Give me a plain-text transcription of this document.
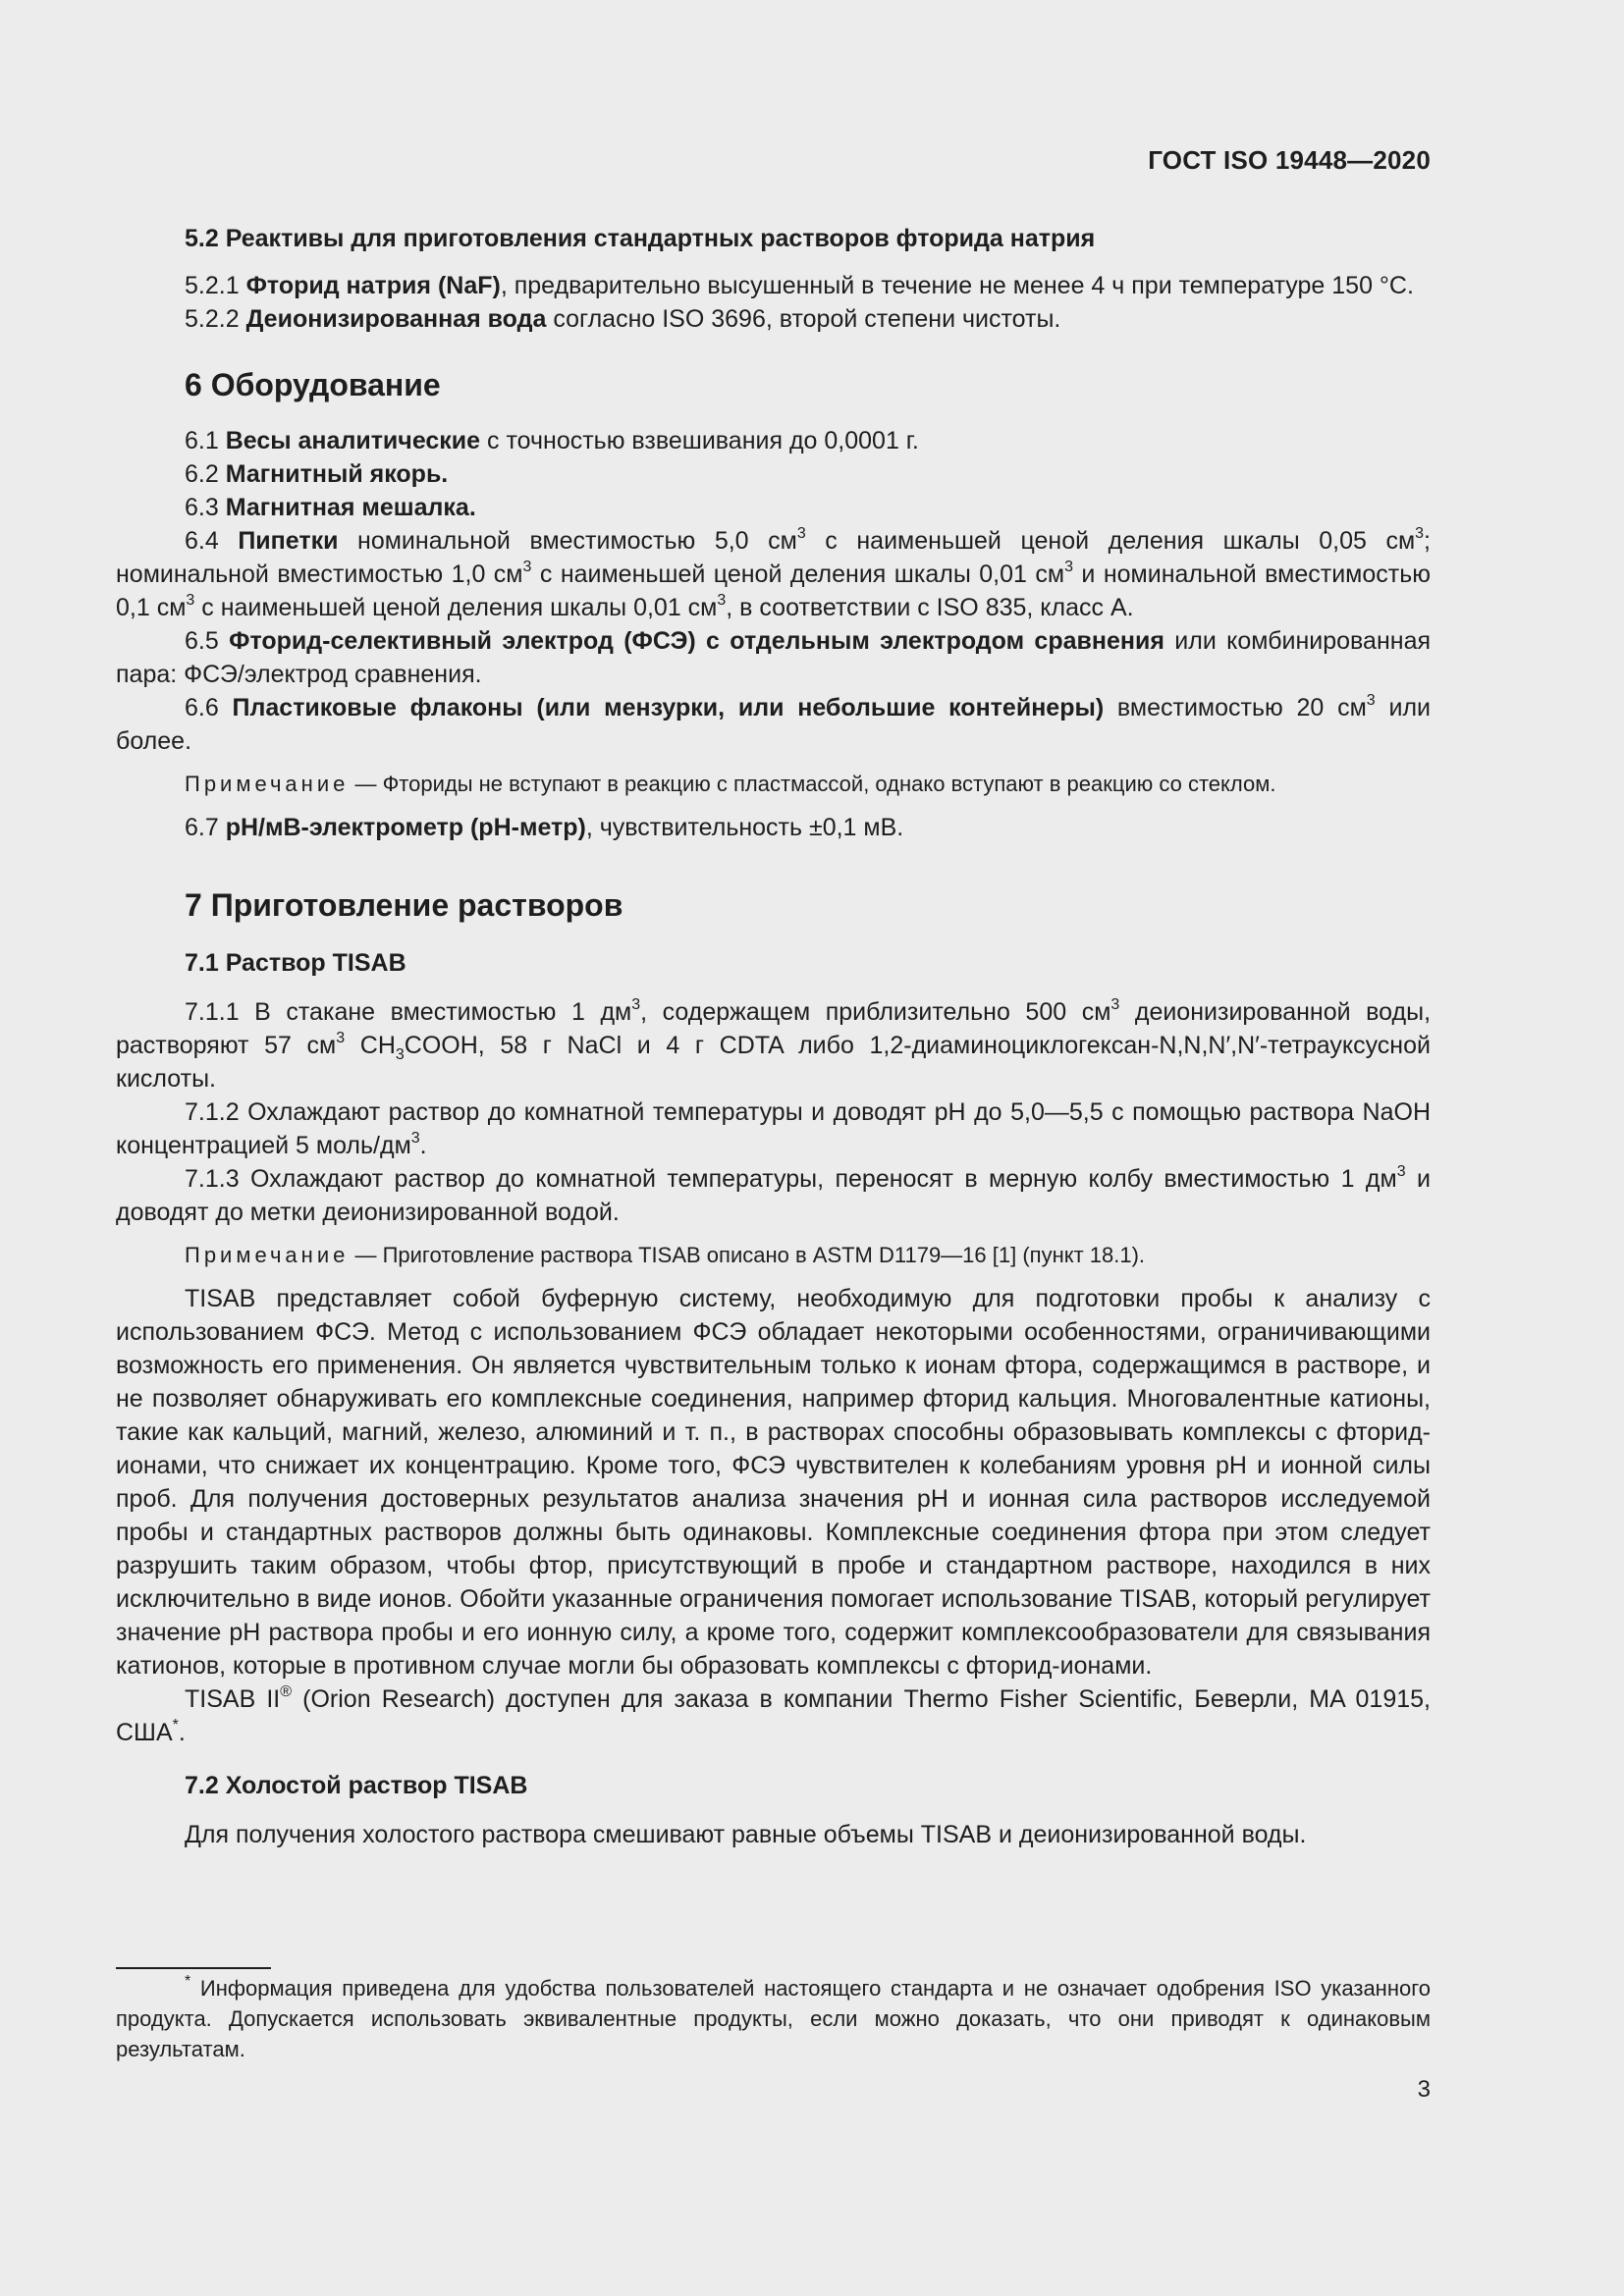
ГОСТ ISO 19448—2020

5.2 Реактивы для приготовления стандартных растворов фторида натрия

5.2.1 Фторид натрия (NaF), предварительно высушенный в течение не менее 4 ч при температуре 150 °С.

5.2.2 Деионизированная вода согласно ISO 3696, второй степени чистоты.

6 Оборудование

6.1 Весы аналитические с точностью взвешивания до 0,0001 г.

6.2 Магнитный якорь.

6.3 Магнитная мешалка.

6.4 Пипетки номинальной вместимостью 5,0 $см^3$ с наименьшей ценой деления шкалы 0,05 $см^3$; номинальной вместимостью 1,0 $см^3$ с наименьшей ценой деления шкалы 0,01 $см^3$ и номинальной вместимостью 0,1 $см^3$ с наименьшей ценой деления шкалы 0,01 $см^3$, в соответствии с ISO 835, класс А.

6.5 Фторид-селективный электрод (ФСЭ) с отдельным электродом сравнения или комбинированная пара: ФСЭ/электрод сравнения.

6.6 Пластиковые флаконы (или мензурки, или небольшие контейнеры) вместимостью 20 $см^3$ или более.

Примечание — Фториды не вступают в реакцию с пластмассой, однако вступают в реакцию со стеклом.

6.7 рН/мВ-электрометр (рН-метр), чувствительность ±0,1 мВ.

7 Приготовление растворов

7.1 Раствор TISAB

7.1.1 В стакане вместимостью 1 $дм^3$, содержащем приблизительно 500 $см^3$ деионизированной воды, растворяют 57 $см^3$ $CH_3COOH$, 58 г NaCl и 4 г CDTA либо 1,2-диаминоциклогексан-N,N,N′,N′-тетрауксусной кислоты.

7.1.2 Охлаждают раствор до комнатной температуры и доводят рН до 5,0—5,5 с помощью раствора NaOH концентрацией 5 моль/$дм^3$.

7.1.3 Охлаждают раствор до комнатной температуры, переносят в мерную колбу вместимостью 1 $дм^3$ и доводят до метки деионизированной водой.

Примечание — Приготовление раствора TISAB описано в ASTM D1179—16 [1] (пункт 18.1).

TISAB представляет собой буферную систему, необходимую для подготовки пробы к анализу с использованием ФСЭ. Метод с использованием ФСЭ обладает некоторыми особенностями, ограничивающими возможность его применения. Он является чувствительным только к ионам фтора, содержащимся в растворе, и не позволяет обнаруживать его комплексные соединения, например фторид кальция. Многовалентные катионы, такие как кальций, магний, железо, алюминий и т. п., в растворах способны образовывать комплексы с фторид-ионами, что снижает их концентрацию. Кроме того, ФСЭ чувствителен к колебаниям уровня рН и ионной силы проб. Для получения достоверных результатов анализа значения рН и ионная сила растворов исследуемой пробы и стандартных растворов должны быть одинаковы. Комплексные соединения фтора при этом следует разрушить таким образом, чтобы фтор, присутствующий в пробе и стандартном растворе, находился в них исключительно в виде ионов. Обойти указанные ограничения помогает использование TISAB, который регулирует значение рН раствора пробы и его ионную силу, а кроме того, содержит комплексообразователи для связывания катионов, которые в противном случае могли бы образовать комплексы с фторид-ионами.

TISAB II® (Orion Research) доступен для заказа в компании Thermo Fisher Scientific, Беверли, MA 01915, США*.

7.2 Холостой раствор TISAB

Для получения холостого раствора смешивают равные объемы TISAB и деионизированной воды.

* Информация приведена для удобства пользователей настоящего стандарта и не означает одобрения ISO указанного продукта. Допускается использовать эквивалентные продукты, если можно доказать, что они приводят к одинаковым результатам.
3
